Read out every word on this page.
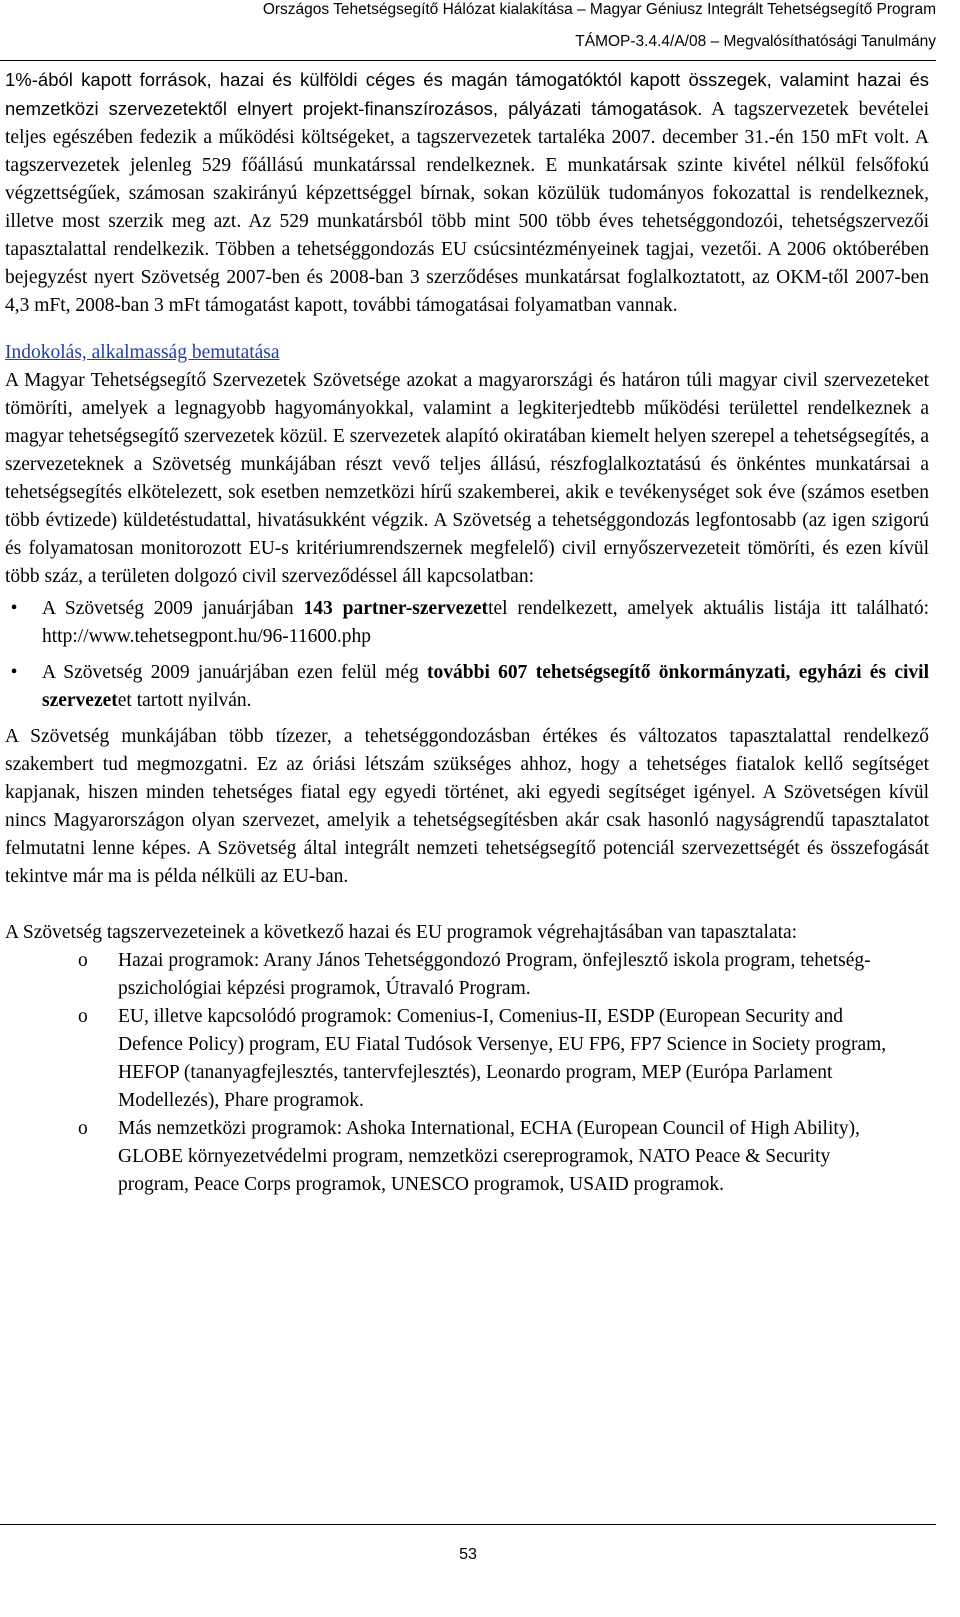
Országos Tehetségsegítő Hálózat kialakítása – Magyar Géniusz Integrált Tehetségsegítő Program
TÁMOP-3.4.4/A/08 – Megvalósíthatósági Tanulmány

1%-ából kapott források, hazai és külföldi céges és magán támogatóktól kapott összegek, valamint hazai és nemzetközi szervezetektől elnyert projekt-finanszírozásos, pályázati támogatások. A tagszervezetek bevételei teljes egészében fedezik a működési költségeket, a tagszervezetek tartaléka 2007. december 31.-én 150 mFt volt. A tagszervezetek jelenleg 529 főállású munkatárssal rendelkeznek. E munkatársak szinte kivétel nélkül felsőfokú végzettségűek, számosan szakirányú képzettséggel bírnak, sokan közülük tudományos fokozattal is rendelkeznek, illetve most szerzik meg azt. Az 529 munkatársból több mint 500 több éves tehetséggondozói, tehetségszervezői tapasztalattal rendelkezik. Többen a tehetséggondozás EU csúcsintézményeinek tagjai, vezetői. A 2006 októberében bejegyzést nyert Szövetség 2007-ben és 2008-ban 3 szerződéses munkatársat foglalkoztatott, az OKM-től 2007-ben 4,3 mFt, 2008-ban 3 mFt támogatást kapott, további támogatásai folyamatban vannak.

Indokolás, alkalmasság bemutatása

A Magyar Tehetségsegítő Szervezetek Szövetsége azokat a magyarországi és határon túli magyar civil szervezeteket tömöríti, amelyek a legnagyobb hagyományokkal, valamint a legkiterjedtebb működési területtel rendelkeznek a magyar tehetségsegítő szervezetek közül. E szervezetek alapító okiratában kiemelt helyen szerepel a tehetségsegítés, a szervezeteknek a Szövetség munkájában részt vevő teljes állású, részfoglalkoztatású és önkéntes munkatársai a tehetségsegítés elkötelezett, sok esetben nemzetközi hírű szakemberei, akik e tevékenységet sok éve (számos esetben több évtizede) küldetéstudattal, hivatásukként végzik. A Szövetség a tehetséggondozás legfontosabb (az igen szigorú és folyamatosan monitorozott EU-s kritériumrendszernek megfelelő) civil ernyőszervezeteit tömöríti, és ezen kívül több száz, a területen dolgozó civil szerveződéssel áll kapcsolatban:

• A Szövetség 2009 januárjában 143 partner-szervezettel rendelkezett, amelyek aktuális listája itt található: http://www.tehetsegpont.hu/96-11600.php
• A Szövetség 2009 januárjában ezen felül még további 607 tehetségsegítő önkormányzati, egyházi és civil szervezetet tartott nyilván.

A Szövetség munkájában több tízezer, a tehetséggondozásban értékes és változatos tapasztalattal rendelkező szakembert tud megmozgatni. Ez az óriási létszám szükséges ahhoz, hogy a tehetséges fiatalok kellő segítséget kapjanak, hiszen minden tehetséges fiatal egy egyedi történet, aki egyedi segítséget igényel. A Szövetségen kívül nincs Magyarországon olyan szervezet, amelyik a tehetségsegítésben akár csak hasonló nagyságrendű tapasztalatot felmutatni lenne képes. A Szövetség által integrált nemzeti tehetségsegítő potenciál szervezettségét és összefogását tekintve már ma is példa nélküli az EU-ban.

A Szövetség tagszervezeteinek a következő hazai és EU programok végrehajtásában van tapasztalata:

o Hazai programok: Arany János Tehetséggondozó Program, önfejlesztő iskola program, tehetség-pszichológiai képzési programok, Útravaló Program.
o EU, illetve kapcsolódó programok: Comenius-I, Comenius-II, ESDP (European Security and Defence Policy) program, EU Fiatal Tudósok Versenye, EU FP6, FP7 Science in Society program, HEFOP (tananyagfejlesztés, tantervfejlesztés), Leonardo program, MEP (Európa Parlament Modellezés), Phare programok.
o Más nemzetközi programok: Ashoka International, ECHA (European Council of High Ability), GLOBE környezetvédelmi program, nemzetközi csereprogramok, NATO Peace & Security program, Peace Corps programok, UNESCO programok, USAID programok.
53
